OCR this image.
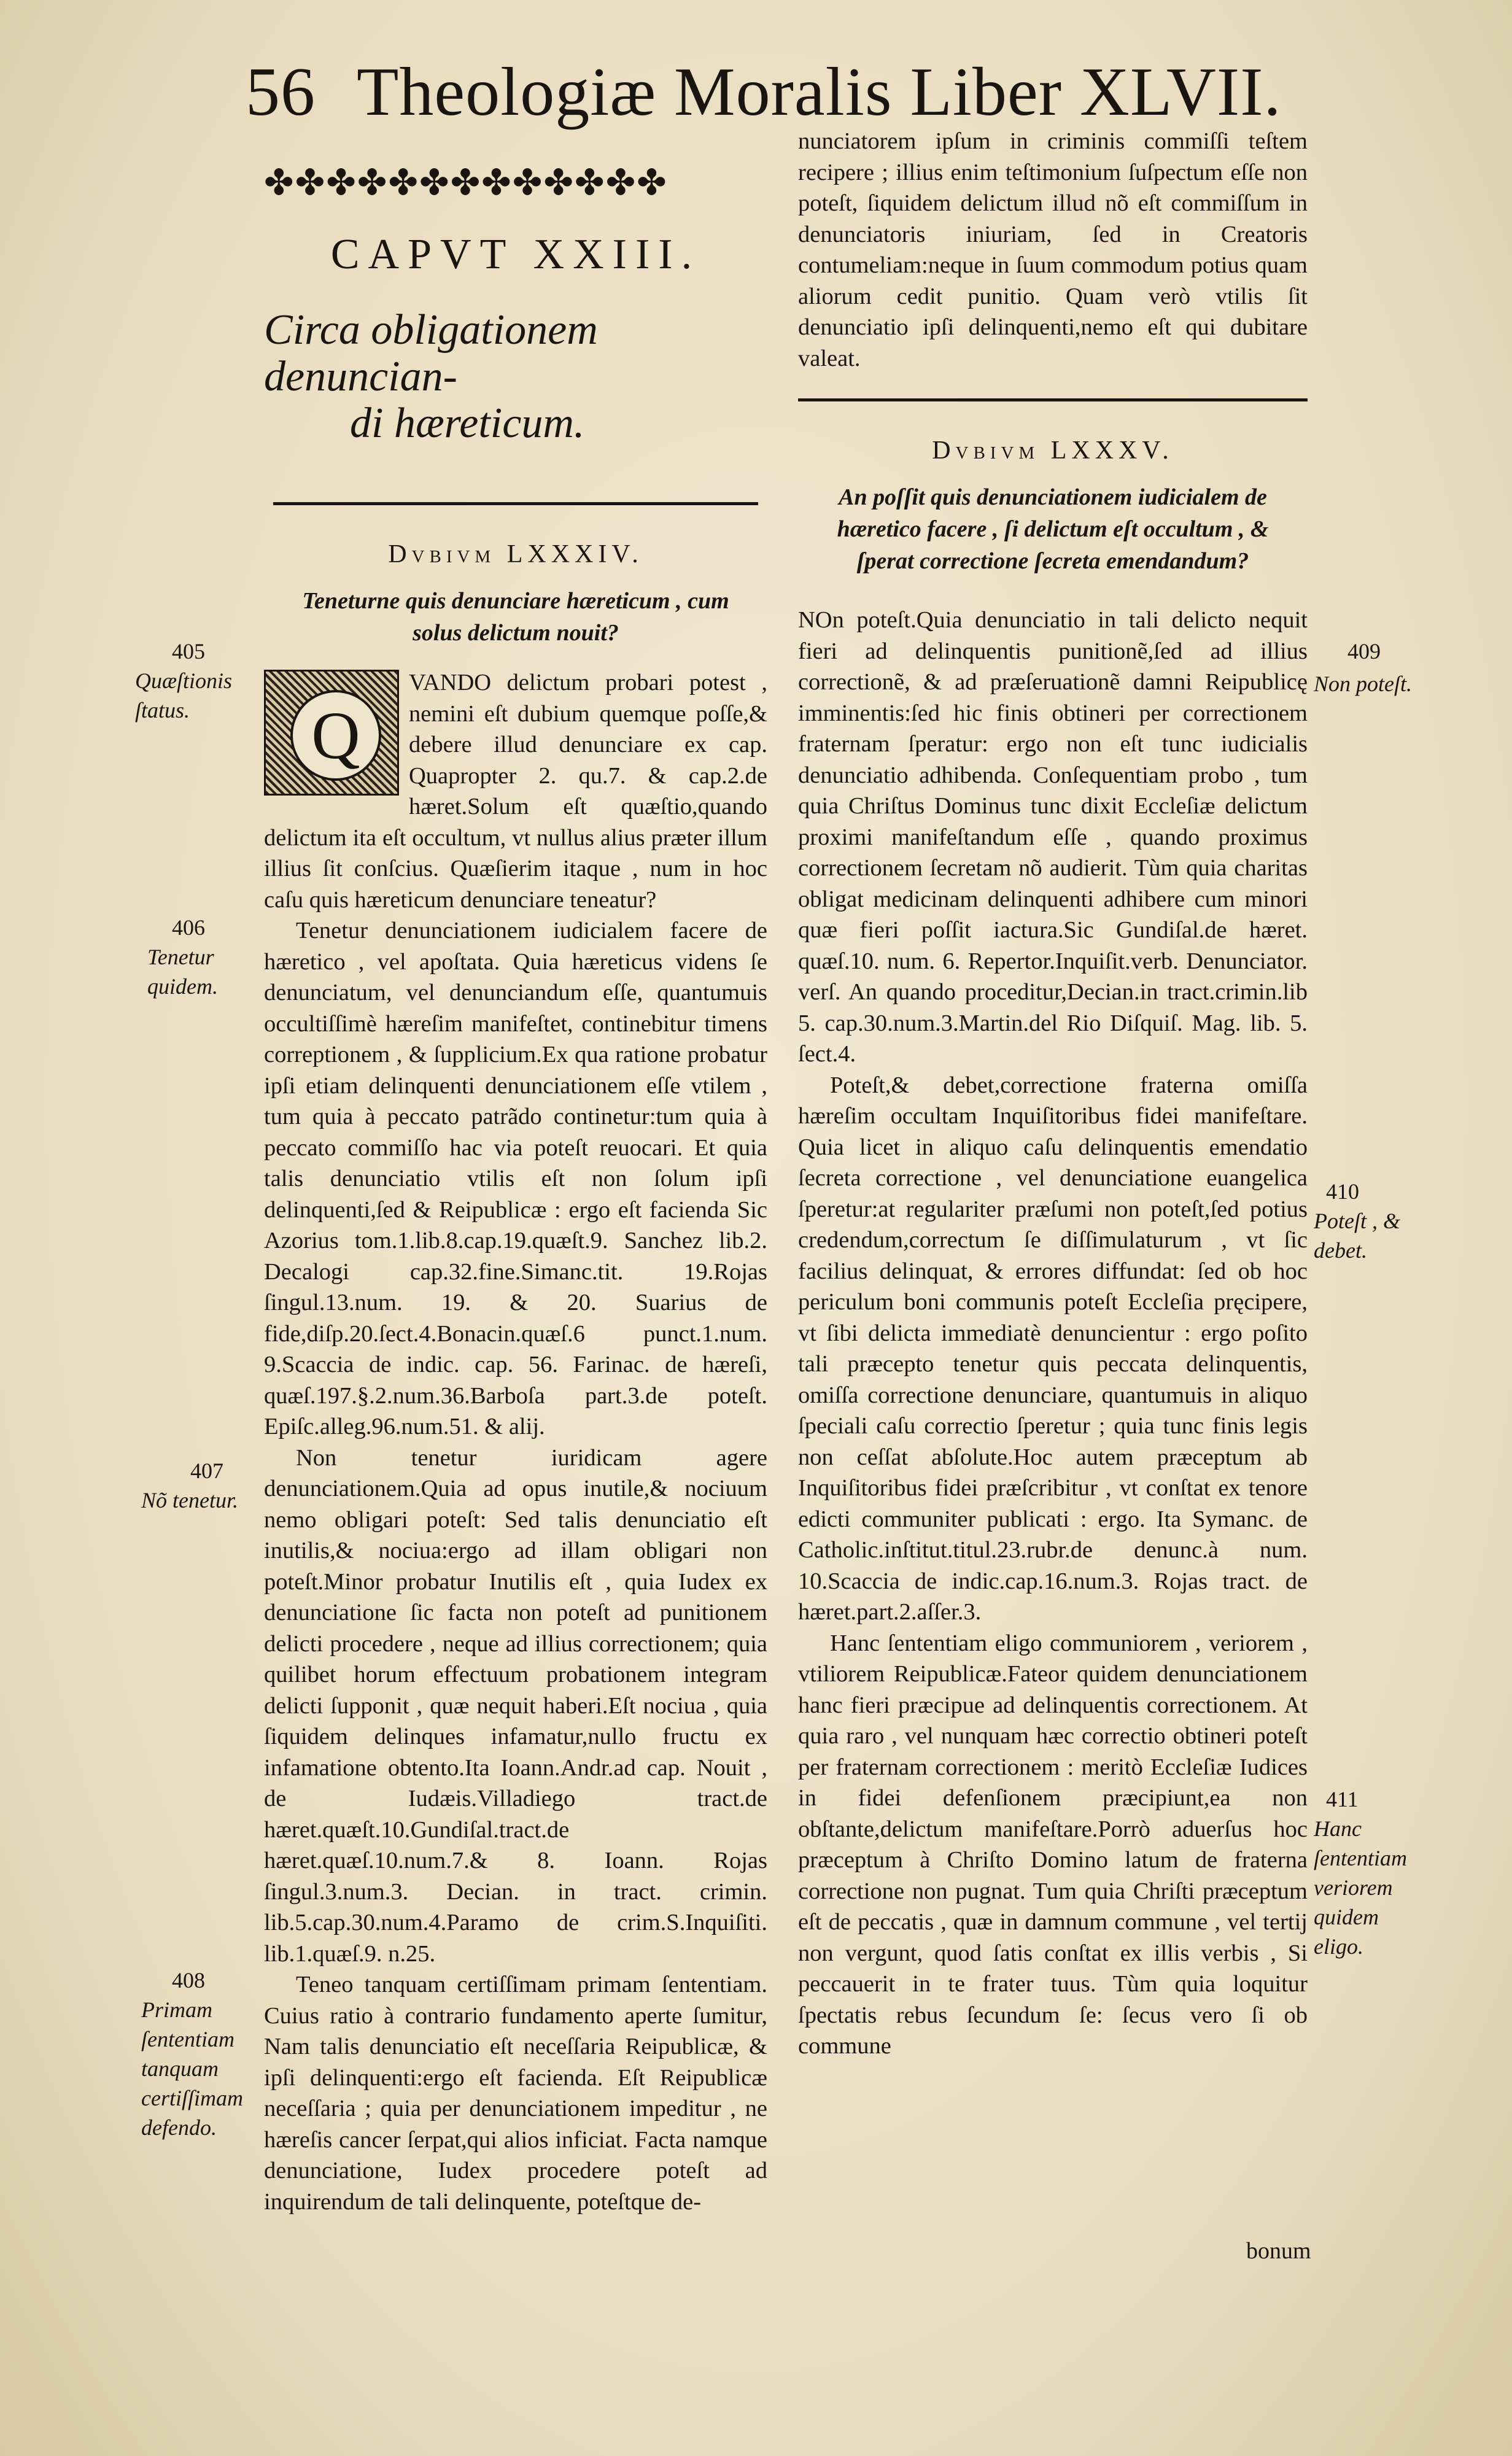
56 Theologiæ Moralis Liber XLVII.
✤✤✤✤✤✤✤✤✤✤✤✤✤
CAPVT XXIII.
Circa obligationem denuncian-
di hæreticum.
Dvbivm LXXXIV.
Teneturne quis denunciare hæreticum , cum solus delictum nouit?

Q
VANDO delictum probari potest , nemini eſt dubium quemque poſſe,& debere illud denunciare ex cap. Quapropter 2. qu.7. & cap.2.de hæret.Solum eſt quæſtio,quando delictum ita eſt occultum, vt nullus alius præter illum illius ſit conſcius. Quæſierim itaque , num in hoc caſu quis hæreticum denunciare teneatur?

Tenetur denunciationem iudicialem facere de hæretico , vel apoſtata. Quia hæreticus videns ſe denunciatum, vel denunciandum eſſe, quantumuis occultiſſimè hæreſim manifeſtet, continebitur timens correptionem , & ſupplicium.Ex qua ratione probatur ipſi etiam delinquenti denunciationem eſſe vtilem , tum quia à peccato patrãdo continetur:tum quia à peccato commiſſo hac via poteſt reuocari. Et quia talis denunciatio vtilis eſt non ſolum ipſi delinquenti,ſed & Reipublicæ : ergo eſt facienda Sic Azorius tom.1.lib.8.cap.19.quæſt.9. Sanchez lib.2. Decalogi cap.32.fine.Simanc.tit. 19.Rojas ſingul.13.num. 19. & 20. Suarius de fide,diſp.20.ſect.4.Bonacin.quæſ.6 punct.1.num. 9.Scaccia de indic. cap. 56. Farinac. de hæreſi, quæſ.197.§.2.num.36.Barboſa part.3.de poteſt. Epiſc.alleg.96.num.51. & alij.

Non tenetur iuridicam agere denunciationem.Quia ad opus inutile,& nociuum nemo obligari poteſt: Sed talis denunciatio eſt inutilis,& nociua:ergo ad illam obligari non poteſt.Minor probatur Inutilis eſt , quia Iudex ex denunciatione ſic facta non poteſt ad punitionem delicti procedere , neque ad illius correctionem; quia quilibet horum effectuum probationem integram delicti ſupponit , quæ nequit haberi.Eſt nociua , quia ſiquidem delinques infamatur,nullo fructu ex infamatione obtento.Ita Ioann.Andr.ad cap. Nouit , de Iudæis.Villadiego tract.de hæret.quæſt.10.Gundiſal.tract.de hæret.quæſ.10.num.7.& 8. Ioann. Rojas ſingul.3.num.3. Decian. in tract. crimin. lib.5.cap.30.num.4.Paramo de crim.S.Inquiſiti. lib.1.quæſ.9. n.25.

Teneo tanquam certiſſimam primam ſententiam. Cuius ratio à contrario fundamento aperte ſumitur, Nam talis denunciatio eſt neceſſaria Reipublicæ, & ipſi delinquenti:ergo eſt facienda. Eſt Reipublicæ neceſſaria ; quia per denunciationem impeditur , ne hæreſis cancer ſerpat,qui alios inficiat. Facta namque denunciatione, Iudex procedere poteſt ad inquirendum de tali delinquente, poteſtque de-

405
Quæſtionis ſtatus.
406
Tenetur quidem.
407
Nõ tenetur.
408
Primam ſententiam tanquam certiſſimam defendo.
nunciatorem ipſum in criminis commiſſi teſtem recipere ; illius enim teſtimonium ſuſpectum eſſe non poteſt, ſiquidem delictum illud nõ eſt commiſſum in denunciatoris iniuriam, ſed in Creatoris contumeliam:neque in ſuum commodum potius quam aliorum cedit punitio. Quam verò vtilis ſit denunciatio ipſi delinquenti,nemo eſt qui dubitare valeat.
Dvbivm LXXXV.
An poſſit quis denunciationem iudicialem de hæretico facere , ſi delictum eſt occultum , & ſperat correctione ſecreta emendandum?

NOn poteſt.Quia denunciatio in tali delicto nequit fieri ad delinquentis punitionẽ,ſed ad illius correctionẽ, & ad præſeruationẽ damni Reipublicę imminentis:ſed hic finis obtineri per correctionem fraternam ſperatur: ergo non eſt tunc iudicialis denunciatio adhibenda. Conſequentiam probo , tum quia Chriſtus Dominus tunc dixit Eccleſiæ delictum proximi manifeſtandum eſſe , quando proximus correctionem ſecretam nõ audierit. Tùm quia charitas obligat medicinam delinquenti adhibere cum minori quæ fieri poſſit iactura.Sic Gundiſal.de hæret. quæſ.10. num. 6. Repertor.Inquiſit.verb. Denunciator. verſ. An quando proceditur,Decian.in tract.crimin.lib 5. cap.30.num.3.Martin.del Rio Diſquiſ. Mag. lib. 5. ſect.4.

Poteſt,& debet,correctione fraterna omiſſa hæreſim occultam Inquiſitoribus fidei manifeſtare. Quia licet in aliquo caſu delinquentis emendatio ſecreta correctione , vel denunciatione euangelica ſperetur:at regulariter præſumi non poteſt,ſed potius credendum,correctum ſe diſſimulaturum , vt ſic facilius delinquat, & errores diffundat: ſed ob hoc periculum boni communis poteſt Eccleſia pręcipere, vt ſibi delicta immediatè denuncientur : ergo poſito tali præcepto tenetur quis peccata delinquentis, omiſſa correctione denunciare, quantumuis in aliquo ſpeciali caſu correctio ſperetur ; quia tunc finis legis non ceſſat abſolute.Hoc autem præceptum ab Inquiſitoribus fidei præſcribitur , vt conſtat ex tenore edicti communiter publicati : ergo. Ita Symanc. de Catholic.inſtitut.titul.23.rubr.de denunc.à num. 10.Scaccia de indic.cap.16.num.3. Rojas tract. de hæret.part.2.aſſer.3.

Hanc ſententiam eligo communiorem , veriorem , vtiliorem Reipublicæ.Fateor quidem denunciationem hanc fieri præcipue ad delinquentis correctionem. At quia raro , vel nunquam hæc correctio obtineri poteſt per fraternam correctionem : meritò Eccleſiæ Iudices in fidei defenſionem præcipiunt,ea non obſtante,delictum manifeſtare.Porrò aduerſus hoc præceptum à Chriſto Domino latum de fraterna correctione non pugnat. Tum quia Chriſti præceptum eſt de peccatis , quæ in damnum commune , vel tertij non vergunt, quod ſatis conſtat ex illis verbis , Si peccauerit in te frater tuus. Tùm quia loquitur ſpectatis rebus ſecundum ſe: ſecus vero ſi ob commune

409
Non poteſt.
410
Poteſt , & debet.
411
Hanc ſententiam veriorem quidem eligo.
bonum
